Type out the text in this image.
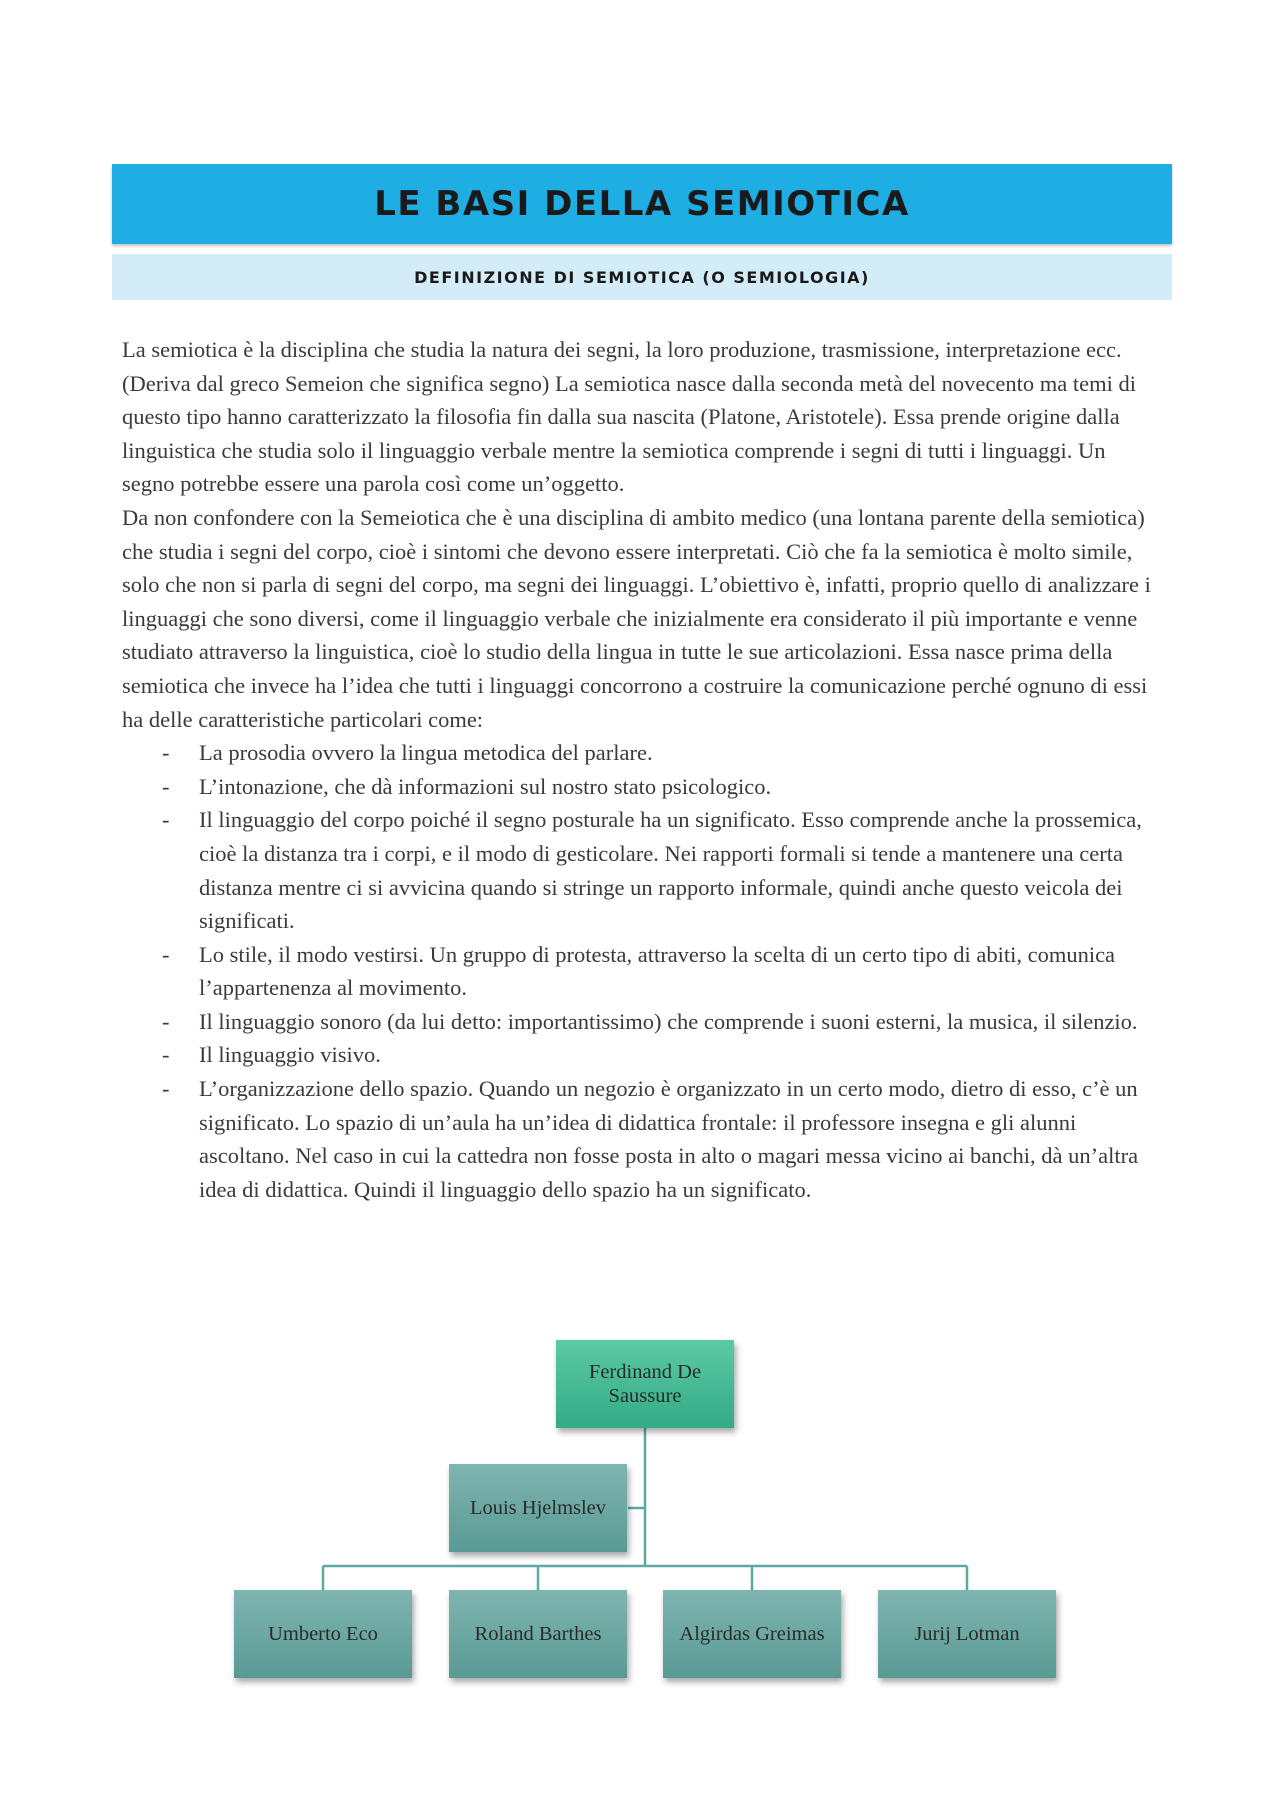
LE BASI DELLA SEMIOTICA
DEFINIZIONE DI SEMIOTICA (O SEMIOLOGIA)

La semiotica è la disciplina che studia la natura dei segni, la loro produzione, trasmissione, interpretazione ecc. (Deriva dal greco Semeion che significa segno) La semiotica nasce dalla seconda metà del novecento ma temi di questo tipo hanno caratterizzato la filosofia fin dalla sua nascita (Platone, Aristotele). Essa prende origine dalla linguistica che studia solo il linguaggio verbale mentre la semiotica comprende i segni di tutti i linguaggi. Un segno potrebbe essere una parola così come un’oggetto.

Da non confondere con la Semeiotica che è una disciplina di ambito medico (una lontana parente della semiotica) che studia i segni del corpo, cioè i sintomi che devono essere interpretati. Ciò che fa la semiotica è molto simile, solo che non si parla di segni del corpo, ma segni dei linguaggi. L’obiettivo è, infatti, proprio quello di analizzare i linguaggi che sono diversi, come il linguaggio verbale che inizialmente era considerato il più importante e venne studiato attraverso la linguistica, cioè lo studio della lingua in tutte le sue articolazioni. Essa nasce prima della semiotica che invece ha l’idea che tutti i linguaggi concorrono a costruire la comunicazione perché ognuno di essi ha delle caratteristiche particolari come:

- La prosodia ovvero la lingua metodica del parlare.
- L’intonazione, che dà informazioni sul nostro stato psicologico.
- Il linguaggio del corpo poiché il segno posturale ha un significato. Esso comprende anche la prossemica, cioè la distanza tra i corpi, e il modo di gesticolare. Nei rapporti formali si tende a mantenere una certa distanza mentre ci si avvicina quando si stringe un rapporto informale, quindi anche questo veicola dei significati.
- Lo stile, il modo vestirsi. Un gruppo di protesta, attraverso la scelta di un certo tipo di abiti, comunica l’appartenenza al movimento.
- Il linguaggio sonoro (da lui detto: importantissimo) che comprende i suoni esterni, la musica, il silenzio.
- Il linguaggio visivo.
- L’organizzazione dello spazio. Quando un negozio è organizzato in un certo modo, dietro di esso, c’è un significato. Lo spazio di un’aula ha un’idea di didattica frontale: il professore insegna e gli alunni ascoltano. Nel caso in cui la cattedra non fosse posta in alto o magari messa vicino ai banchi, dà un’altra idea di didattica. Quindi il linguaggio dello spazio ha un significato.
Ferdinand De Saussure
Louis Hjelmslev
Umberto Eco	Roland Barthes	Algirdas Greimas	Jurij Lotman
